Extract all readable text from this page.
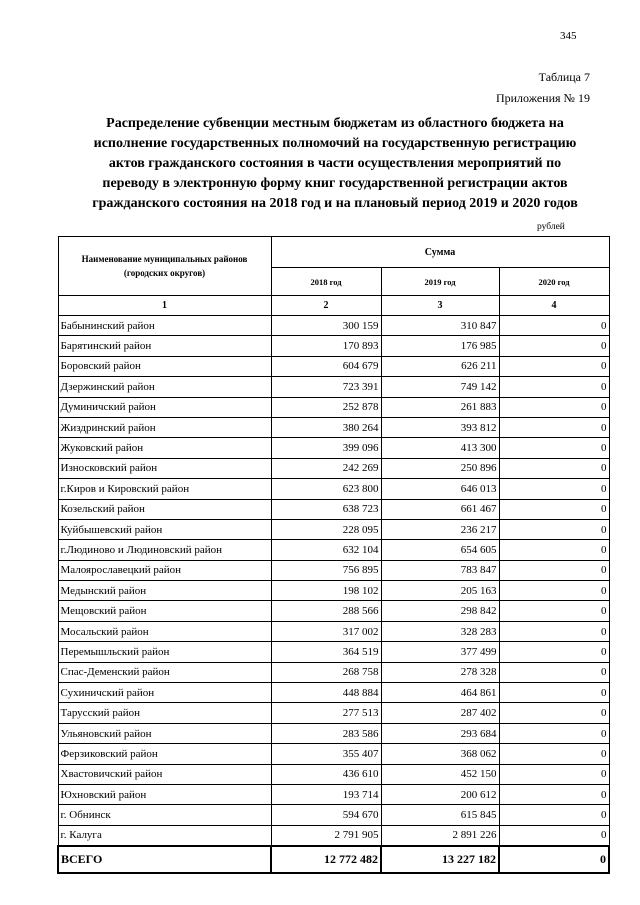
345
Таблица 7
Приложения № 19
Распределение субвенции местным бюджетам из областного бюджета на
исполнение государственных полномочий на государственную регистрацию
актов гражданского состояния в части осуществления мероприятий по
переводу в электронную форму книг государственной регистрации актов
гражданского состояния на 2018 год и на плановый период 2019 и 2020 годов
рублей
Наименование муниципальных районов (городских округов)	Сумма		
	2018 год	2019 год	2020 год
1	2	3	4
Бабынинский район	300 159	310 847	0
Барятинский район	170 893	176 985	0
Боровский район	604 679	626 211	0
Дзержинский район	723 391	749 142	0
Думиничский район	252 878	261 883	0
Жиздринский район	380 264	393 812	0
Жуковский район	399 096	413 300	0
Износковский район	242 269	250 896	0
г.Киров и Кировский район	623 800	646 013	0
Козельский район	638 723	661 467	0
Куйбышевский район	228 095	236 217	0
г.Людиново и Людиновский район	632 104	654 605	0
Малоярославецкий район	756 895	783 847	0
Медынский район	198 102	205 163	0
Мещовский район	288 566	298 842	0
Мосальский район	317 002	328 283	0
Перемышльский район	364 519	377 499	0
Спас-Деменский район	268 758	278 328	0
Сухиничский район	448 884	464 861	0
Тарусский район	277 513	287 402	0
Ульяновский район	283 586	293 684	0
Ферзиковский район	355 407	368 062	0
Хвастовичский район	436 610	452 150	0
Юхновский район	193 714	200 612	0
г. Обнинск	594 670	615 845	0
г. Калуга	2 791 905	2 891 226	0
ВСЕГО	12 772 482	13 227 182	0
